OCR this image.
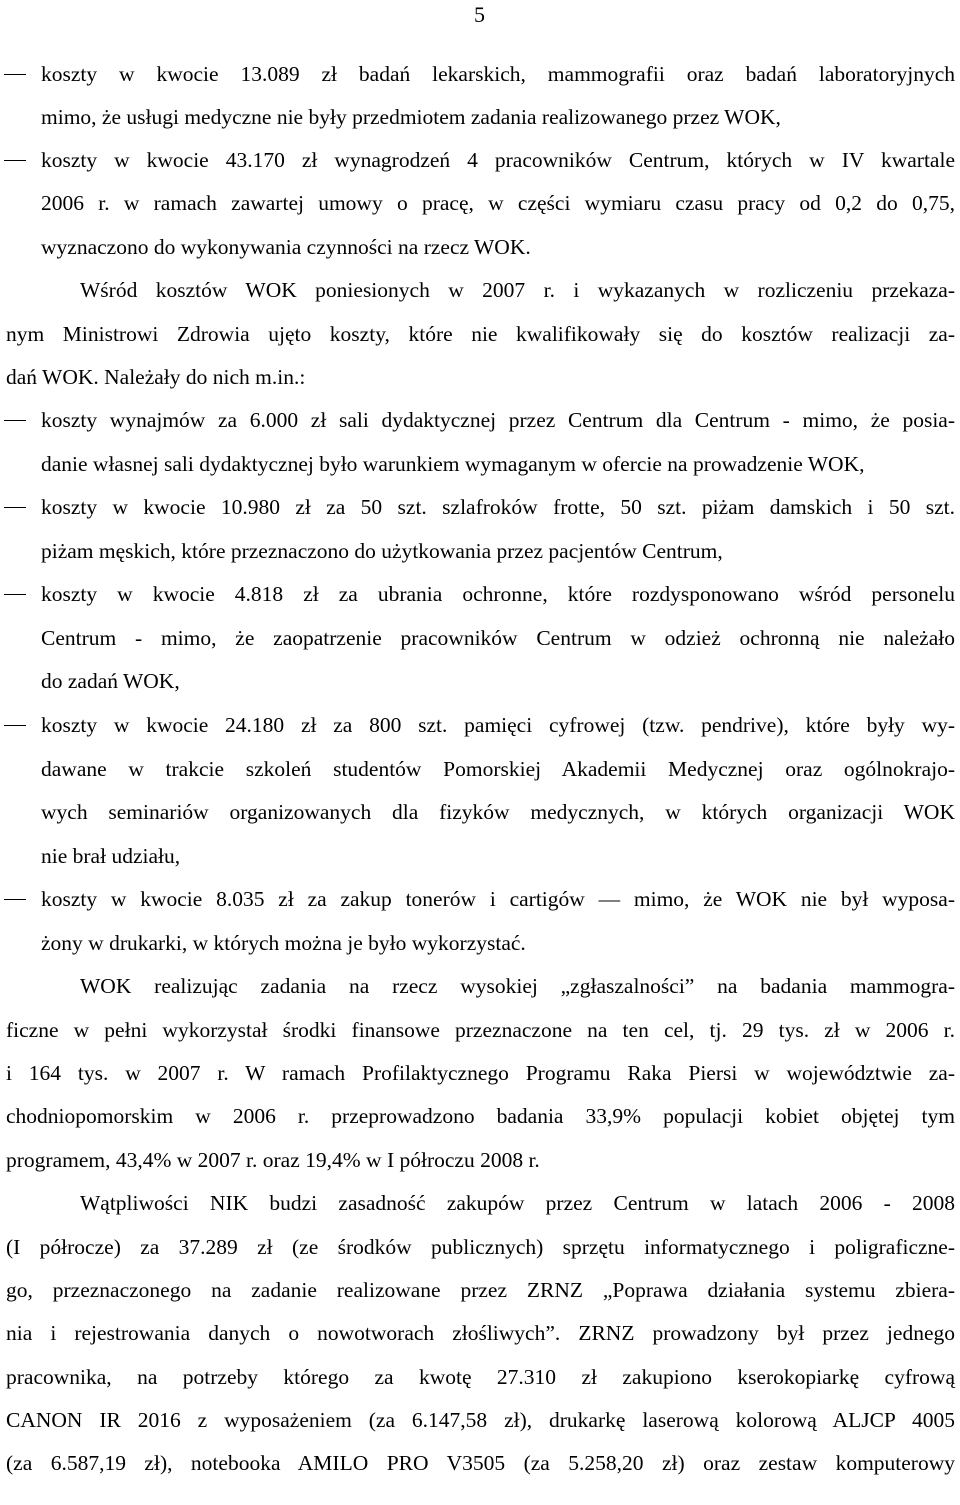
5
koszty w kwocie 13.089 zł badań lekarskich, mammografii oraz badań laboratoryjnych
mimo, że usługi medyczne nie były przedmiotem zadania realizowanego przez WOK,
koszty w kwocie 43.170 zł wynagrodzeń 4 pracowników Centrum, których w IV kwartale
2006 r. w ramach zawartej umowy o pracę, w części wymiaru czasu pracy od 0,2 do 0,75,
wyznaczono do wykonywania czynności na rzecz WOK.
Wśród kosztów WOK poniesionych w 2007 r. i wykazanych w rozliczeniu przekaza-
nym Ministrowi Zdrowia ujęto koszty, które nie kwalifikowały się do kosztów realizacji za-
dań WOK. Należały do nich m.in.:
koszty wynajmów za 6.000 zł sali dydaktycznej przez Centrum dla Centrum - mimo, że posia-
danie własnej sali dydaktycznej było warunkiem wymaganym w ofercie na prowadzenie WOK,
koszty w kwocie 10.980 zł za 50 szt. szlafroków frotte, 50 szt. piżam damskich i 50 szt.
piżam męskich, które przeznaczono do użytkowania przez pacjentów Centrum,
koszty w kwocie 4.818 zł za ubrania ochronne, które rozdysponowano wśród personelu
Centrum - mimo, że zaopatrzenie pracowników Centrum w odzież ochronną nie należało
do zadań WOK,
koszty w kwocie 24.180 zł za 800 szt. pamięci cyfrowej (tzw. pendrive), które były wy-
dawane w trakcie szkoleń studentów Pomorskiej Akademii Medycznej oraz ogólnokrajo-
wych seminariów organizowanych dla fizyków medycznych, w których organizacji WOK
nie brał udziału,
koszty w kwocie 8.035 zł za zakup tonerów i cartigów — mimo, że WOK nie był wyposa-
żony w drukarki, w których można je było wykorzystać.
WOK realizując zadania na rzecz wysokiej „zgłaszalności” na badania mammogra-
ficzne w pełni wykorzystał środki finansowe przeznaczone na ten cel, tj. 29 tys. zł w 2006 r.
i 164 tys. w 2007 r. W ramach Profilaktycznego Programu Raka Piersi w województwie za-
chodniopomorskim w 2006 r. przeprowadzono badania 33,9% populacji kobiet objętej tym
programem, 43,4% w 2007 r. oraz 19,4% w I półroczu 2008 r.
Wątpliwości NIK budzi zasadność zakupów przez Centrum w latach 2006 - 2008
(I półrocze) za 37.289 zł (ze środków publicznych) sprzętu informatycznego i poligraficzne-
go, przeznaczonego na zadanie realizowane przez ZRNZ „Poprawa działania systemu zbiera-
nia i rejestrowania danych o nowotworach złośliwych”. ZRNZ prowadzony był przez jednego
pracownika, na potrzeby którego za kwotę 27.310 zł zakupiono kserokopiarkę cyfrową
CANON IR 2016 z wyposażeniem (za 6.147,58 zł), drukarkę laserową kolorową ALJCP 4005
(za 6.587,19 zł), notebooka AMILO PRO V3505 (za 5.258,20 zł) oraz zestaw komputerowy
